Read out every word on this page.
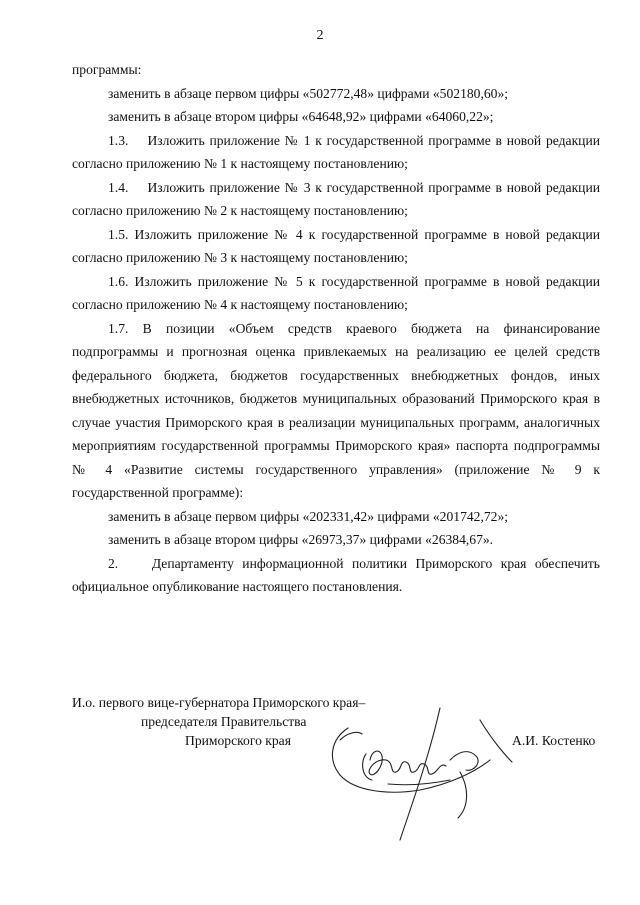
2

программы:

заменить в абзаце первом цифры «502772,48» цифрами «502180,60»;

заменить в абзаце втором цифры «64648,92» цифрами «64060,22»;

1.3.    Изложить приложение № 1 к государственной программе в новой редакции согласно приложению № 1 к настоящему постановлению;

1.4.    Изложить приложение № 3 к государственной программе в новой редакции согласно приложению № 2 к настоящему постановлению;

1.5. Изложить приложение № 4 к государственной программе в новой редакции согласно приложению № 3 к настоящему постановлению;

1.6. Изложить приложение № 5 к государственной программе в новой редакции согласно приложению № 4 к настоящему постановлению;

1.7. В позиции «Объем средств краевого бюджета на финансирование подпрограммы и прогнозная оценка привлекаемых на реализацию ее целей средств федерального бюджета, бюджетов государственных внебюджетных фондов, иных внебюджетных источников, бюджетов муниципальных образований Приморского края в случае участия Приморского края в реализации муниципальных программ, аналогичных мероприятиям государственной программы Приморского края» паспорта подпрограммы № 4 «Развитие системы государственного управления» (приложение № 9 к государственной программе):

заменить в абзаце первом цифры «202331,42» цифрами «201742,72»;

заменить в абзаце втором цифры «26973,37» цифрами «26384,67».

2.    Департаменту информационной политики Приморского края обеспечить официальное опубликование настоящего постановления.

И.о. первого вице-губернатора Приморского края–
председателя Правительства
Приморского края	А.И. Костенко
